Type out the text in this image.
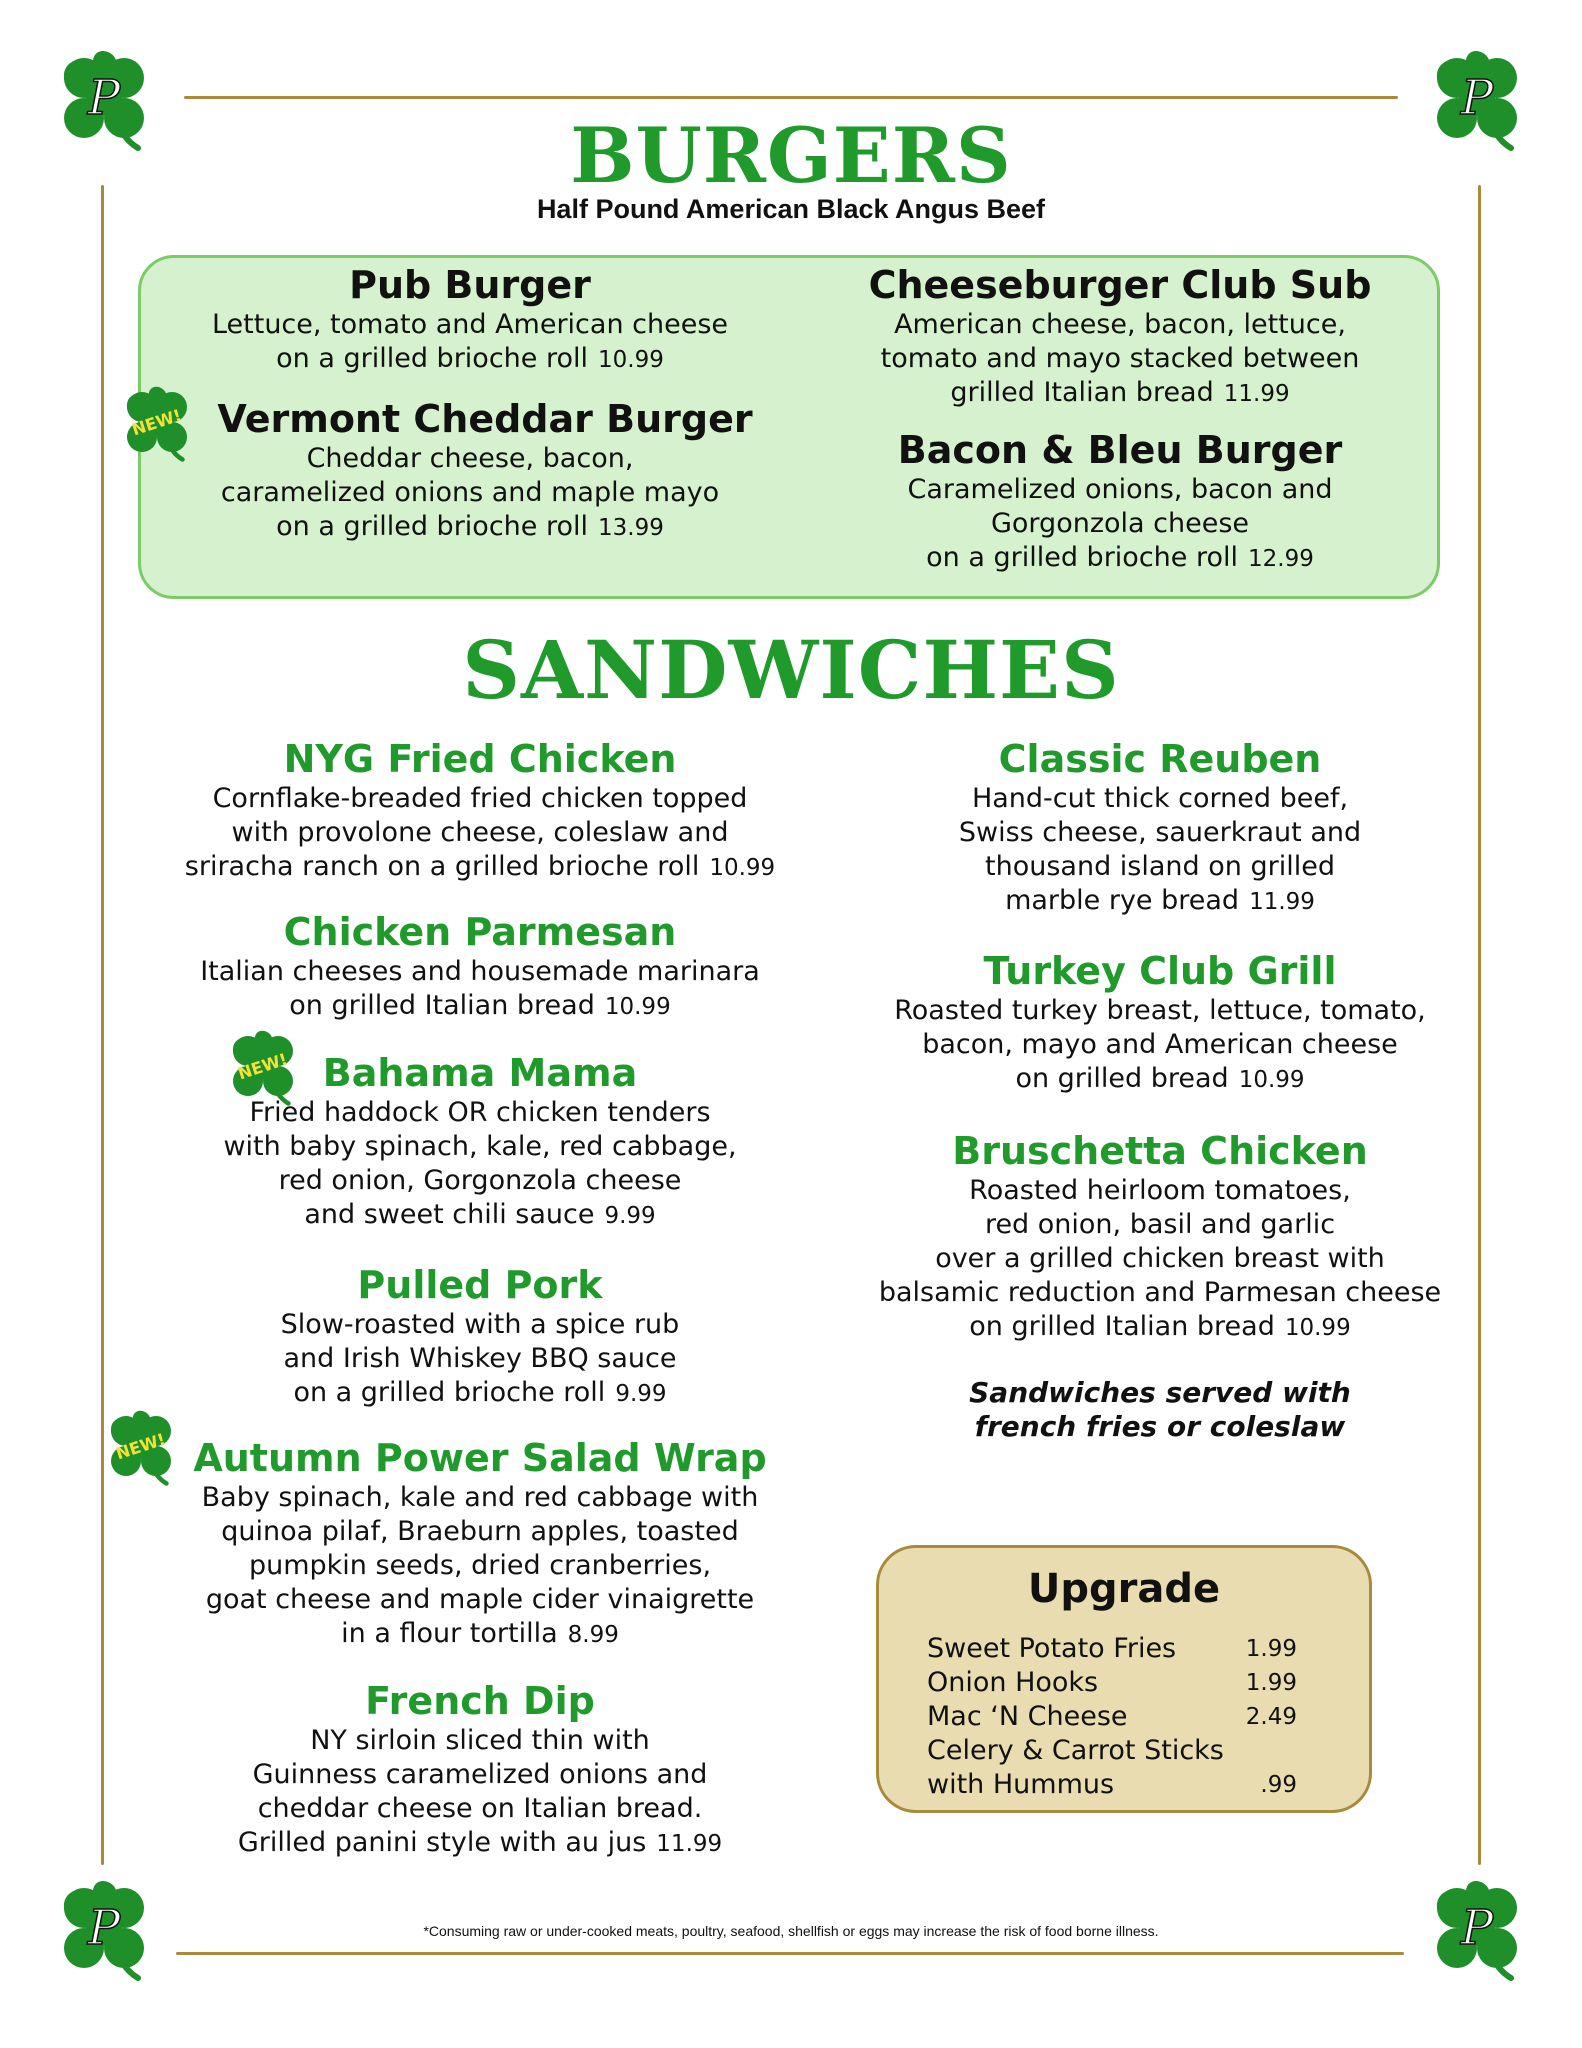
P	P
P	P
BURGERS
Half Pound American Black Angus Beef

Pub Burger

Lettuce, tomato and American cheese
on a grilled brioche roll 10.99

NEW! Vermont Cheddar Burger

Cheddar cheese, bacon,
caramelized onions and maple mayo
on a grilled brioche roll 13.99

Cheeseburger Club Sub

American cheese, bacon, lettuce,
tomato and mayo stacked between
grilled Italian bread 11.99

Bacon & Bleu Burger

Caramelized onions, bacon and
Gorgonzola cheese
on a grilled brioche roll 12.99

SANDWICHES

NYG Fried Chicken

Cornflake-breaded fried chicken topped
with provolone cheese, coleslaw and
sriracha ranch on a grilled brioche roll 10.99

Chicken Parmesan

Italian cheeses and housemade marinara
on grilled Italian bread 10.99

NEW! Bahama Mama

Fried haddock OR chicken tenders
with baby spinach, kale, red cabbage,
red onion, Gorgonzola cheese
and sweet chili sauce 9.99

Pulled Pork

Slow-roasted with a spice rub
and Irish Whiskey BBQ sauce
on a grilled brioche roll 9.99

NEW! Autumn Power Salad Wrap

Baby spinach, kale and red cabbage with
quinoa pilaf, Braeburn apples, toasted
pumpkin seeds, dried cranberries,
goat cheese and maple cider vinaigrette
in a flour tortilla 8.99

French Dip

NY sirloin sliced thin with
Guinness caramelized onions and
cheddar cheese on Italian bread.
Grilled panini style with au jus 11.99

Classic Reuben

Hand-cut thick corned beef,
Swiss cheese, sauerkraut and
thousand island on grilled
marble rye bread 11.99

Turkey Club Grill

Roasted turkey breast, lettuce, tomato,
bacon, mayo and American cheese
on grilled bread 10.99

Bruschetta Chicken

Roasted heirloom tomatoes,
red onion, basil and garlic
over a grilled chicken breast with
balsamic reduction and Parmesan cheese
on grilled Italian bread 10.99

Sandwiches served with
french fries or coleslaw
Upgrade
Sweet Potato Fries	1.99
Onion Hooks	1.99
Mac ‘N Cheese	2.49
Celery & Carrot Sticks
with Hummus	.99
*Consuming raw or under-cooked meats, poultry, seafood, shellfish or eggs may increase the risk of food borne illness.
